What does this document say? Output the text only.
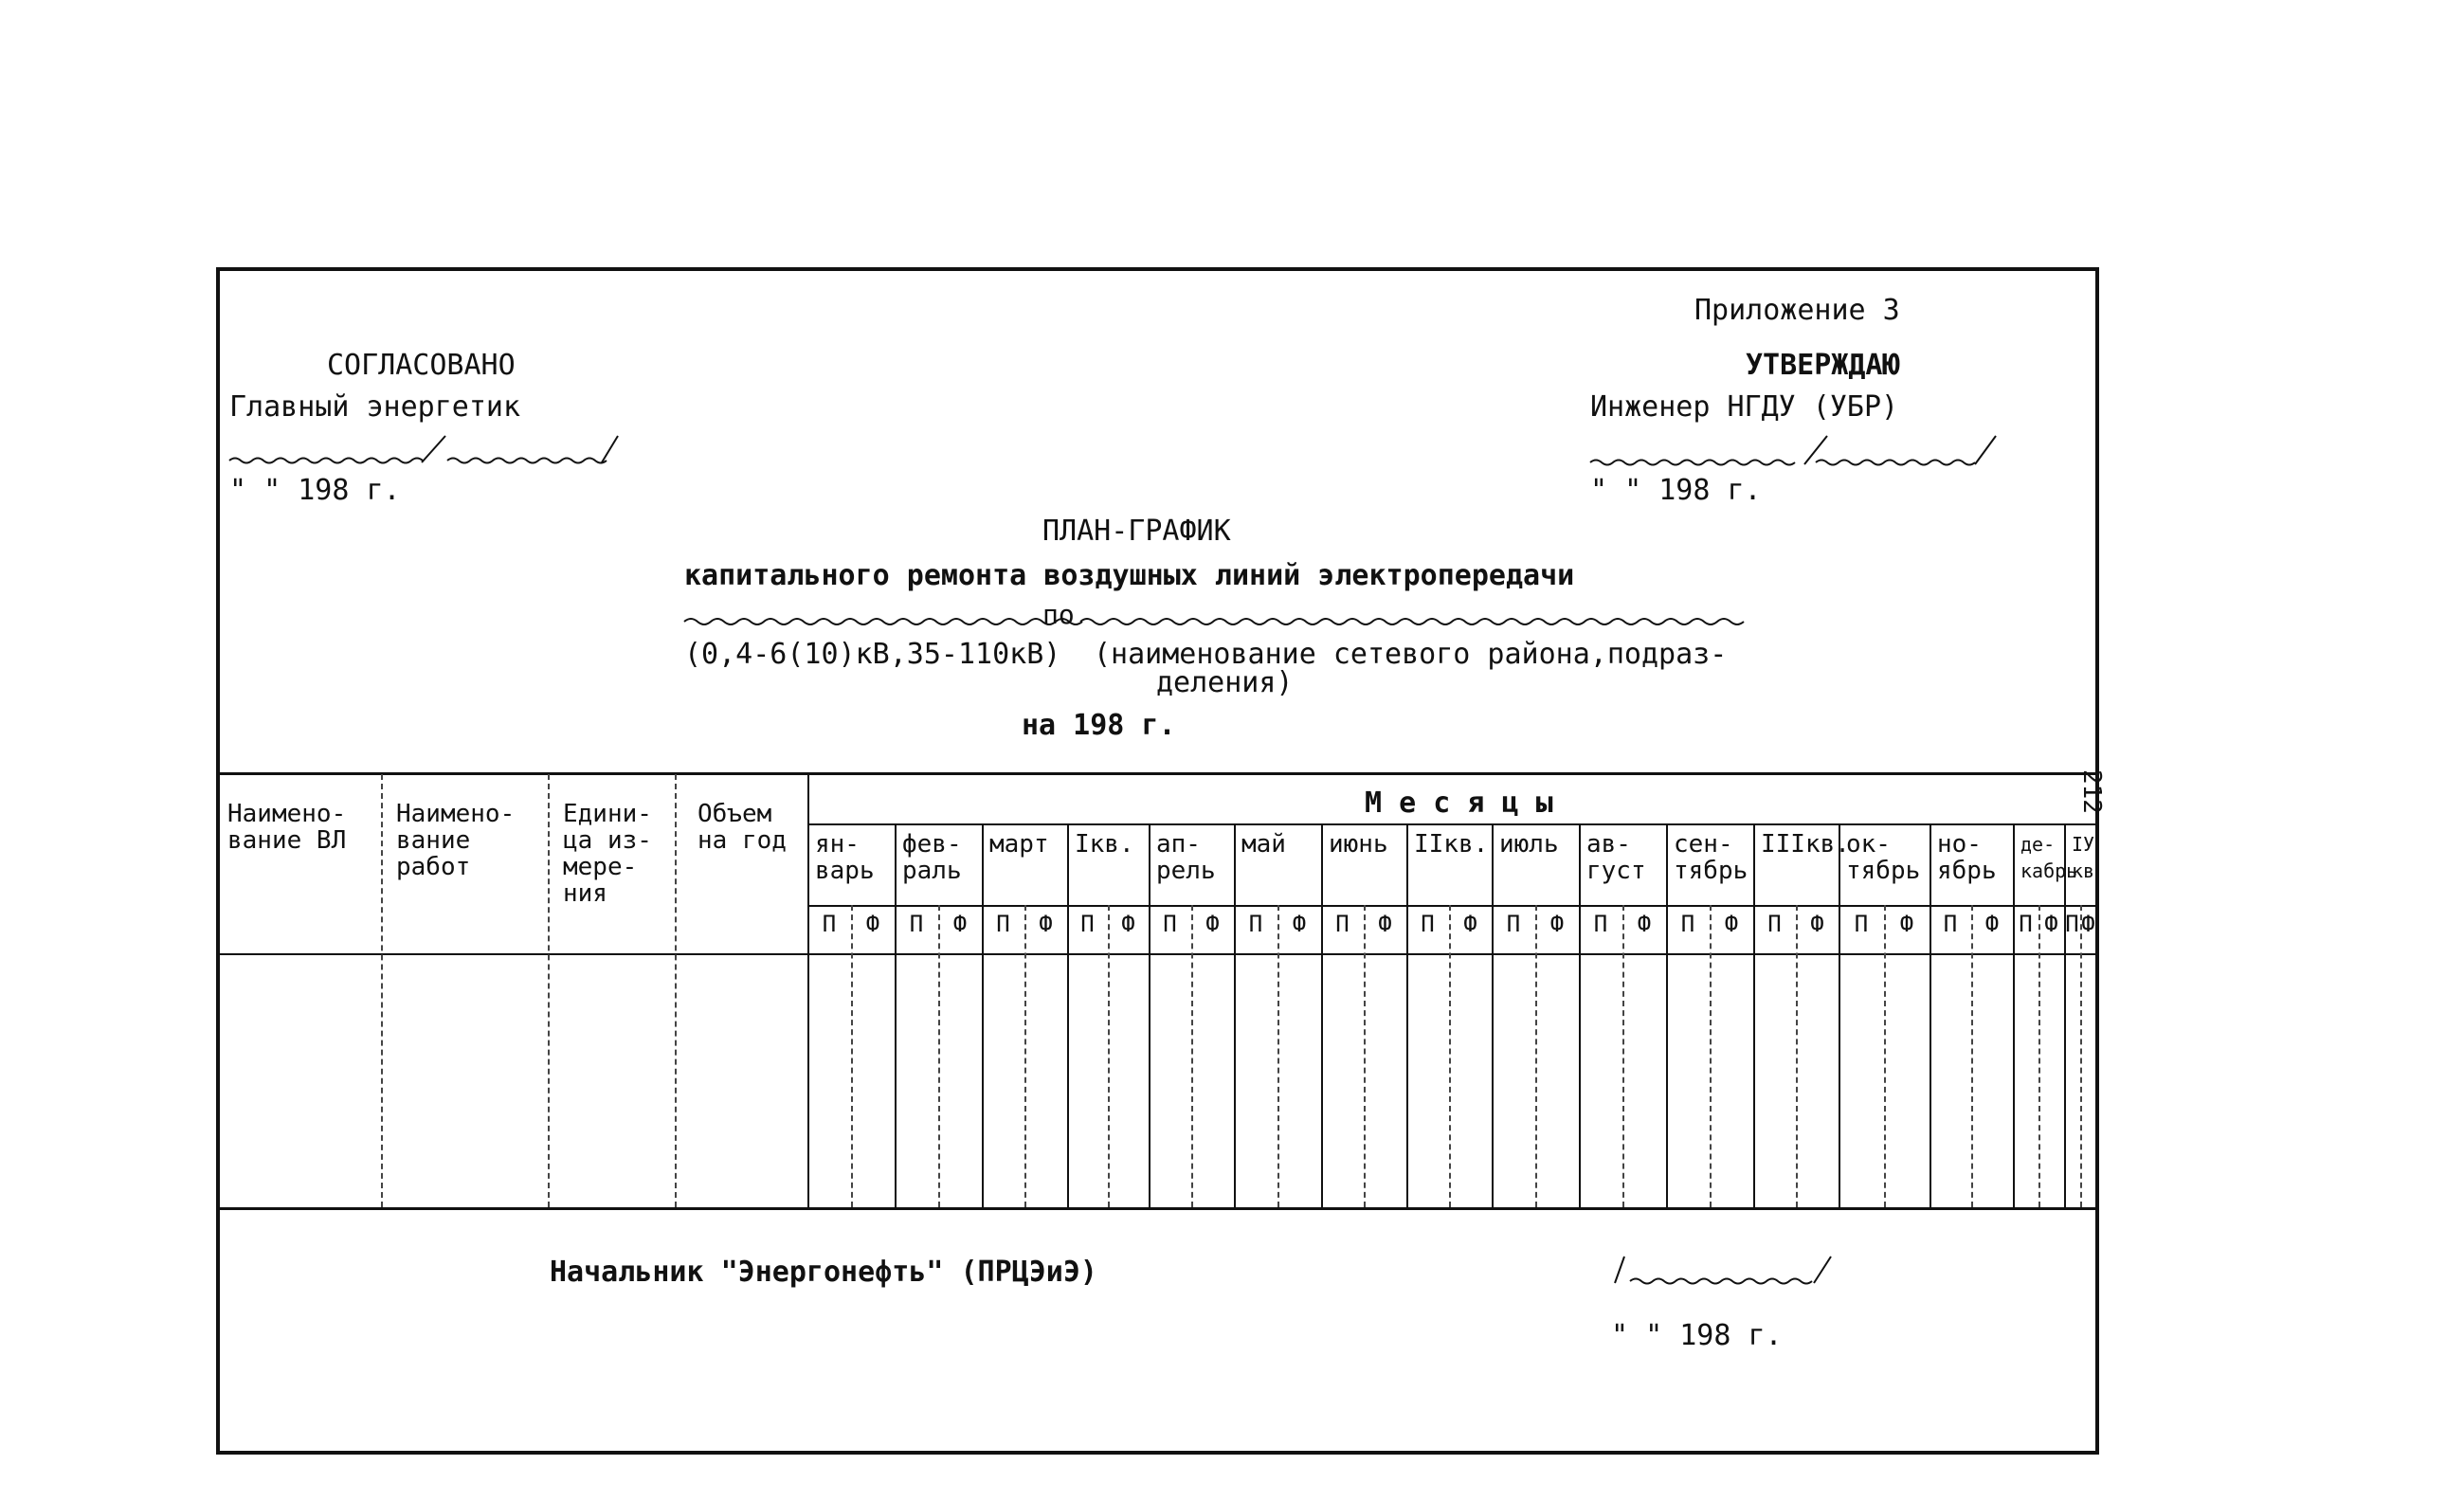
Приложение 3
СОГЛАСОВАНО
Главный энергетик
" " 198 г.
УТВЕРЖДАЮ
Инженер НГДУ (УБР)
" " 198 г.
ПЛАН-ГРАФИК
капитального ремонта воздушных линий электропередачи
по
(0,4-6(10)кВ,35-110кВ) (наименование сетевого района,подраз-
деления)
на 198 г.
Наимено-
вание ВЛ
Наимено-
вание
работ
Едини-
ца из-
мере-
ния
Объем
на год
М е с я ц ы
ян-
варь
П Ф
фев-
раль
П Ф
март
П Ф
Iкв.
П Ф
ап-
рель
П Ф
май
П Ф
июнь
П Ф
IIкв.
П Ф
июль
П Ф
ав-
густ
П Ф
сен-
тябрь
П Ф
IIIкв.
П Ф
ок-
тябрь
П Ф
но-
ябрь
П Ф
де-
кабрь
П Ф
IУ
кв
П Ф
Начальник "Энергонефть" (ПРЦЭиЭ)
" " 198 г.
212
